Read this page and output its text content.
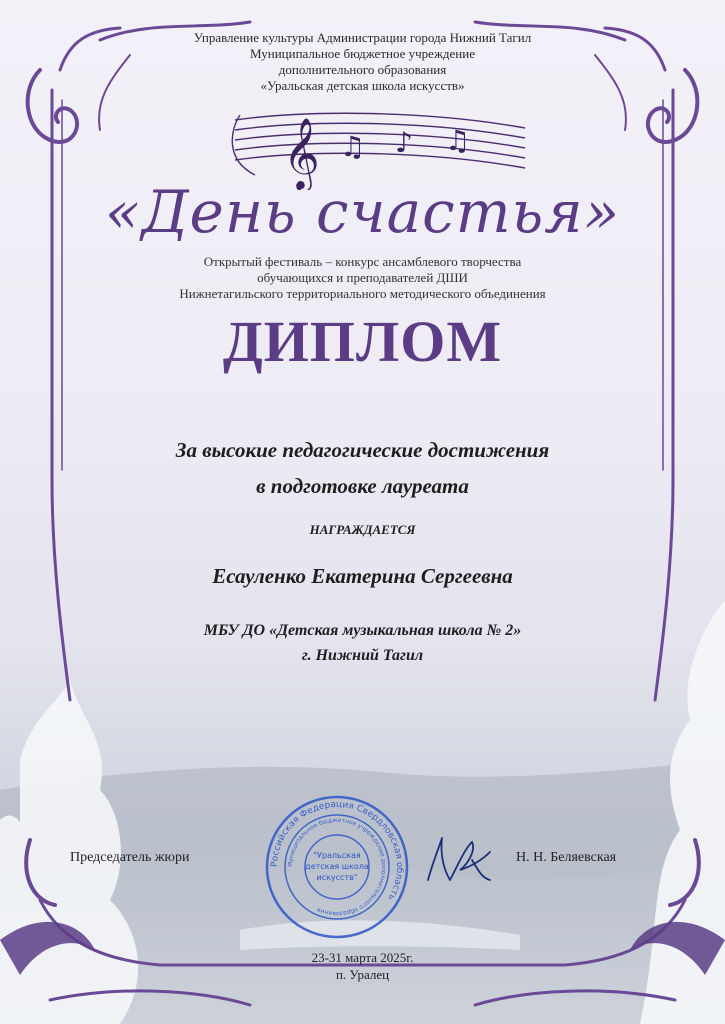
Управление культуры Администрации города Нижний Тагил
Муниципальное бюджетное учреждение
дополнительного образования
«Уральская детская школа искусств»
𝄞 ♫ ♪ ♫
«День счастья»
Открытый фестиваль – конкурс ансамблевого творчества
обучающихся и преподавателей ДШИ
Нижнетагильского территориального методического объединения
ДИПЛОМ
За высокие педагогические достижения
в подготовке лауреата
НАГРАЖДАЕТСЯ
Есауленко Екатерина Сергеевна
МБУ ДО «Детская музыкальная школа № 2»
г. Нижний Тагил
Председатель жюри	Н. Н. Беляевская
Российская Федерация Свердловская область
Муниципальное бюджетное учреждение дополнительного образования
"Уральская
детская школа
искусств"
23-31 марта 2025г.
п. Уралец
